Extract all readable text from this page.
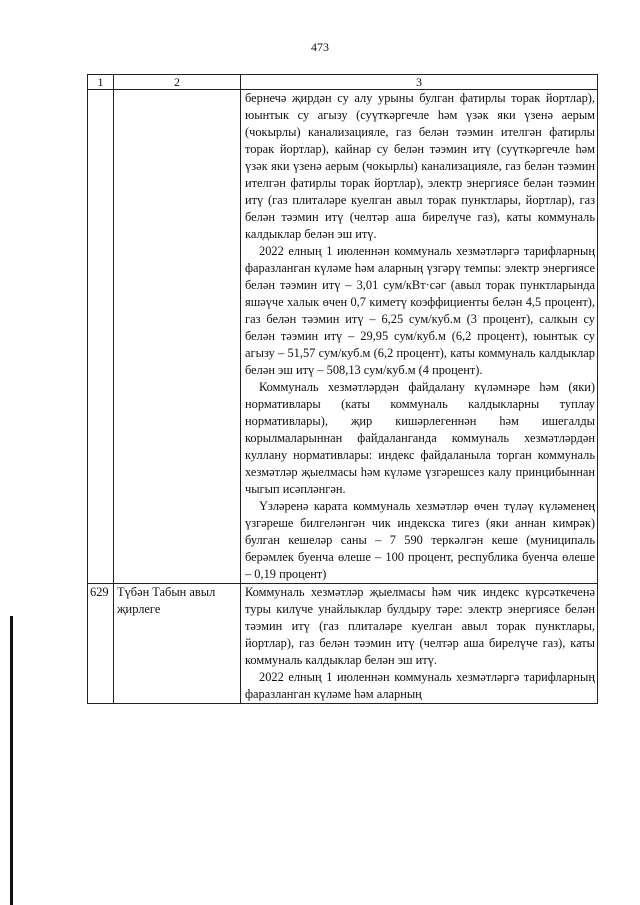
473
1	2	3

		бернечә җирдән су алу урыны булган фатирлы торак йортлар), юынтык су агызу (суүткәргечле һәм үзәк яки үзенә аерым (чокырлы) канализацияле, газ белән тәэмин ителгән фатирлы торак йортлар), кайнар су белән тәэмин итү (суүткәргечле һәм үзәк яки үзенә аерым (чокырлы) канализацияле, газ белән тәэмин ителгән фатирлы торак йортлар), электр энергиясе белән тәэмин итү (газ плиталәре куелган авыл торак пунктлары, йортлар), газ белән тәэмин итү (челтәр аша бирелүче газ), каты коммуналь калдыклар белән эш итү.

2022 елның 1 июленнән коммуналь хезмәтләргә тарифларның фаразланган күләме һәм аларның үзгәрү темпы: электр энергиясе белән тәэмин итү – 3,01 сум/кВт·сәг (авыл торак пунктларында яшәүче халык өчен 0,7 киметү коэффициенты белән 4,5 процент), газ белән тәэмин итү – 6,25 сум/куб.м (3 процент), салкын су белән тәэмин итү – 29,95 сум/куб.м (6,2 процент), юынтык су агызу – 51,57 сум/куб.м (6,2 процент), каты коммуналь калдыклар белән эш итү – 508,13 сум/куб.м (4 процент).

Коммуналь хезмәтләрдән файдалану күләмнәре һәм (яки) нормативлары (каты коммуналь калдыкларны туплау нормативлары), җир кишәрлегеннән һәм ишегалды корылмаларыннан файдаланганда коммуналь хезмәтләрдән куллану нормативлары: индекс файдаланыла торган коммуналь хезмәтләр җыелмасы һәм күләме үзгәрешсез калу принцибыннан чыгып исәпләнгән.

Үзләренә карата коммуналь хезмәтләр өчен түләү күләменең үзгәреше билгеләнгән чик индекска тигез (яки аннан кимрәк) булган кешеләр саны – 7 590 теркәлгән кеше (муниципаль берәмлек буенча өлеше – 100 процент, республика буенча өлеше – 0,19 процент)

629	Түбән Табын авыл җирлеге	Коммуналь хезмәтләр җыелмасы һәм чик индекс күрсәткеченә туры килүче унайлыклар булдыру тәре: электр энергиясе белән тәэмин итү (газ плиталәре куелган авыл торак пунктлары, йортлар), газ белән тәэмин итү (челтәр аша бирелүче газ), каты коммуналь калдыклар белән эш итү.

2022 елның 1 июленнән коммуналь хезмәтләргә тарифларның фаразланган күләме һәм аларның
